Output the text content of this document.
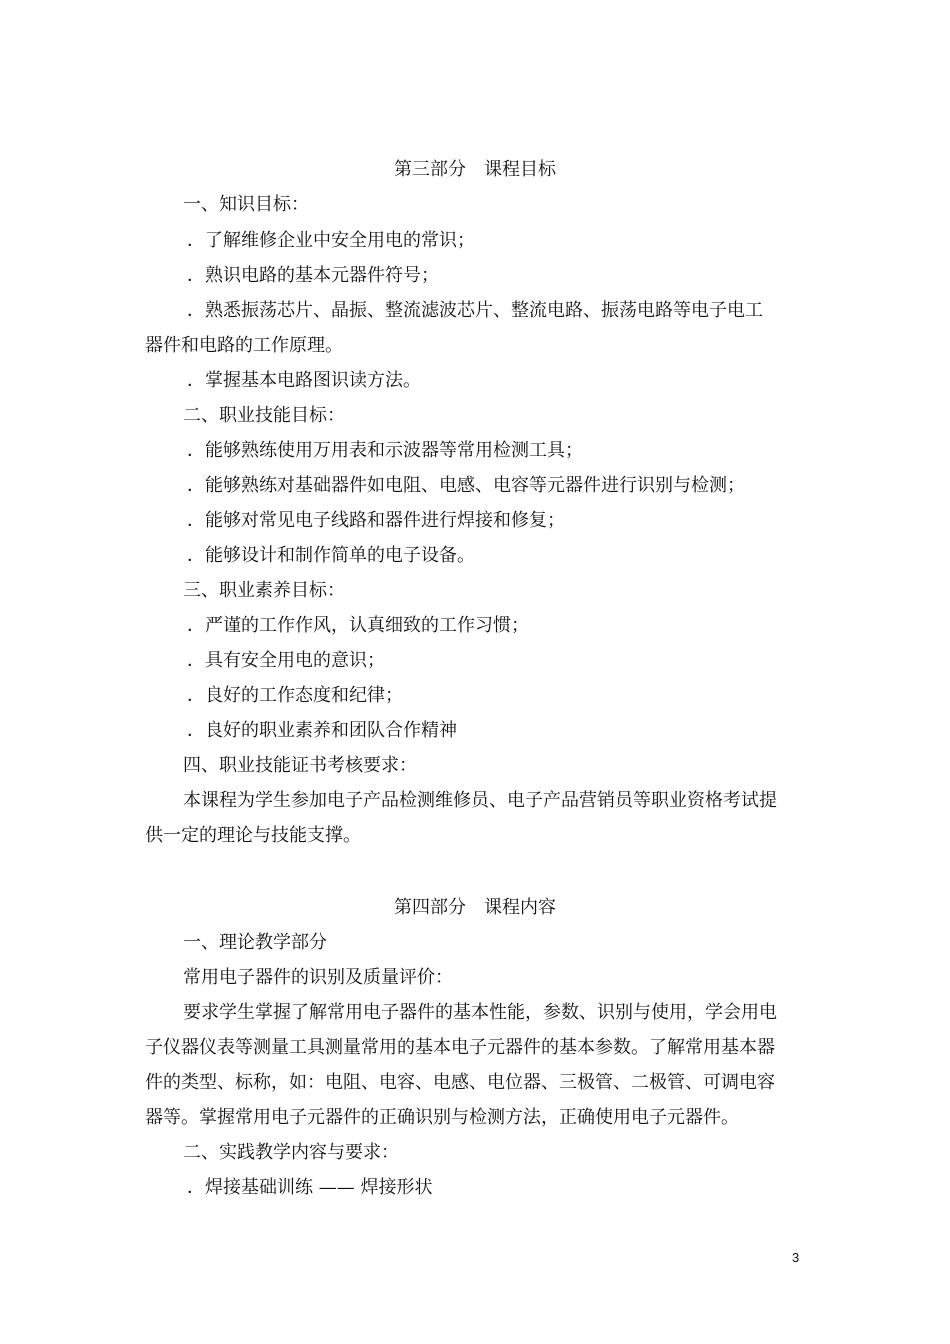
第三部分　课程目标

一、知识目标：

．了解维修企业中安全用电的常识；

．熟识电路的基本元器件符号；

．熟悉振荡芯片、晶振、整流滤波芯片、整流电路、振荡电路等电子电工

器件和电路的工作原理。

．掌握基本电路图识读方法。

二、职业技能目标：

．能够熟练使用万用表和示波器等常用检测工具；

．能够熟练对基础器件如电阻、电感、电容等元器件进行识别与检测；

．能够对常见电子线路和器件进行焊接和修复；

．能够设计和制作简单的电子设备。

三、职业素养目标：

．严谨的工作作风，认真细致的工作习惯；

．具有安全用电的意识；

．良好的工作态度和纪律；

．良好的职业素养和团队合作精神

四、职业技能证书考核要求：

本课程为学生参加电子产品检测维修员、电子产品营销员等职业资格考试提

供一定的理论与技能支撑。

第四部分　课程内容

一、理论教学部分

常用电子器件的识别及质量评价：

要求学生掌握了解常用电子器件的基本性能，参数、识别与使用，学会用电

子仪器仪表等测量工具测量常用的基本电子元器件的基本参数。了解常用基本器

件的类型、标称，如：电阻、电容、电感、电位器、三极管、二极管、可调电容

器等。掌握常用电子元器件的正确识别与检测方法，正确使用电子元器件。

二、实践教学内容与要求：

．焊接基础训练 —— 焊接形状

3
